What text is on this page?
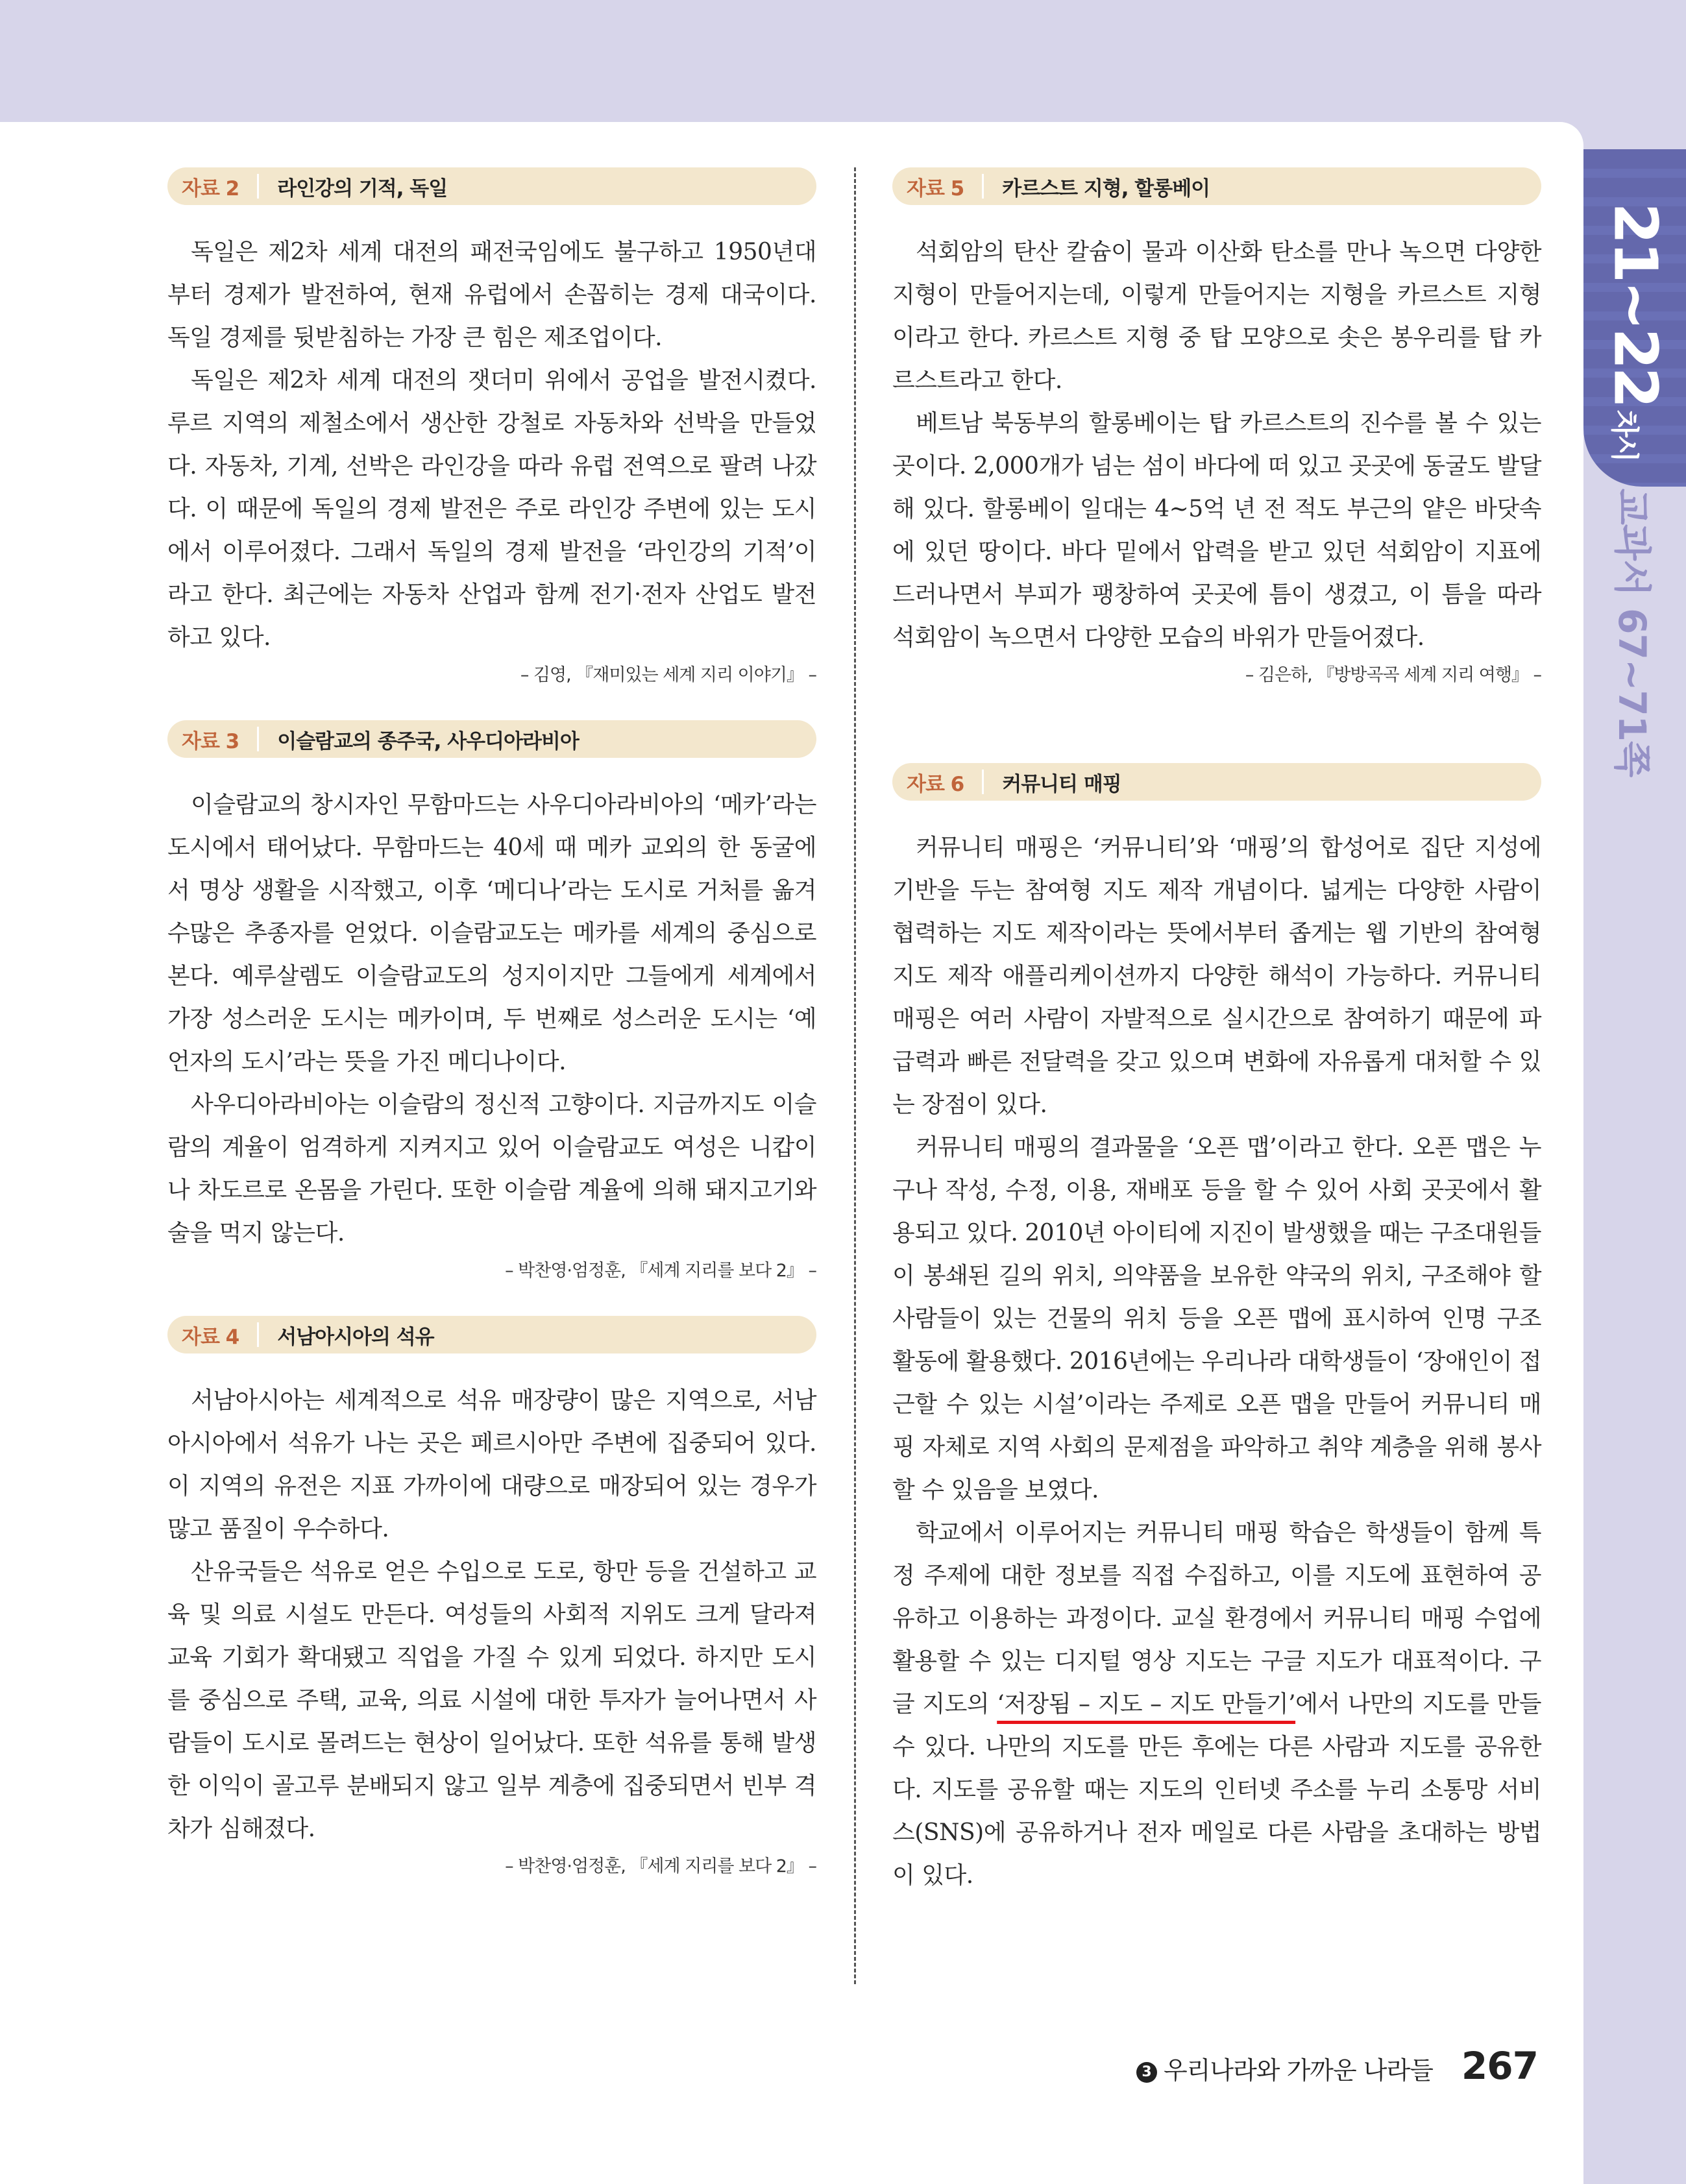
21~22차시
교과서 67~71쪽
자료 2 라인강의 기적, 독일

독일은 제2차 세계 대전의 패전국임에도 불구하고 1950년대부터 경제가 발전하여, 현재 유럽에서 손꼽히는 경제 대국이다. 독일 경제를 뒷받침하는 가장 큰 힘은 제조업이다.

독일은 제2차 세계 대전의 잿더미 위에서 공업을 발전시켰다. 루르 지역의 제철소에서 생산한 강철로 자동차와 선박을 만들었다. 자동차, 기계, 선박은 라인강을 따라 유럽 전역으로 팔려 나갔다. 이 때문에 독일의 경제 발전은 주로 라인강 주변에 있는 도시에서 이루어졌다. 그래서 독일의 경제 발전을 ‘라인강의 기적’이라고 한다. 최근에는 자동차 산업과 함께 전기·전자 산업도 발전하고 있다.

– 김영, 『재미있는 세계 지리 이야기』 –
자료 3 이슬람교의 종주국, 사우디아라비아

이슬람교의 창시자인 무함마드는 사우디아라비아의 ‘메카’라는 도시에서 태어났다. 무함마드는 40세 때 메카 교외의 한 동굴에서 명상 생활을 시작했고, 이후 ‘메디나’라는 도시로 거처를 옮겨 수많은 추종자를 얻었다. 이슬람교도는 메카를 세계의 중심으로 본다. 예루살렘도 이슬람교도의 성지이지만 그들에게 세계에서 가장 성스러운 도시는 메카이며, 두 번째로 성스러운 도시는 ‘예언자의 도시’라는 뜻을 가진 메디나이다.

사우디아라비아는 이슬람의 정신적 고향이다. 지금까지도 이슬람의 계율이 엄격하게 지켜지고 있어 이슬람교도 여성은 니캅이나 차도르로 온몸을 가린다. 또한 이슬람 계율에 의해 돼지고기와 술을 먹지 않는다.

– 박찬영·엄정훈, 『세계 지리를 보다 2』 –
자료 4 서남아시아의 석유

서남아시아는 세계적으로 석유 매장량이 많은 지역으로, 서남아시아에서 석유가 나는 곳은 페르시아만 주변에 집중되어 있다. 이 지역의 유전은 지표 가까이에 대량으로 매장되어 있는 경우가 많고 품질이 우수하다.

산유국들은 석유로 얻은 수입으로 도로, 항만 등을 건설하고 교육 및 의료 시설도 만든다. 여성들의 사회적 지위도 크게 달라져 교육 기회가 확대됐고 직업을 가질 수 있게 되었다. 하지만 도시를 중심으로 주택, 교육, 의료 시설에 대한 투자가 늘어나면서 사람들이 도시로 몰려드는 현상이 일어났다. 또한 석유를 통해 발생한 이익이 골고루 분배되지 않고 일부 계층에 집중되면서 빈부 격차가 심해졌다.

– 박찬영·엄정훈, 『세계 지리를 보다 2』 –
자료 5 카르스트 지형, 할롱베이

석회암의 탄산 칼슘이 물과 이산화 탄소를 만나 녹으면 다양한 지형이 만들어지는데, 이렇게 만들어지는 지형을 카르스트 지형이라고 한다. 카르스트 지형 중 탑 모양으로 솟은 봉우리를 탑 카르스트라고 한다.

베트남 북동부의 할롱베이는 탑 카르스트의 진수를 볼 수 있는 곳이다. 2,000개가 넘는 섬이 바다에 떠 있고 곳곳에 동굴도 발달해 있다. 할롱베이 일대는 4~5억 년 전 적도 부근의 얕은 바닷속에 있던 땅이다. 바다 밑에서 압력을 받고 있던 석회암이 지표에 드러나면서 부피가 팽창하여 곳곳에 틈이 생겼고, 이 틈을 따라 석회암이 녹으면서 다양한 모습의 바위가 만들어졌다.

– 김은하, 『방방곡곡 세계 지리 여행』 –
자료 6 커뮤니티 매핑

커뮤니티 매핑은 ‘커뮤니티’와 ‘매핑’의 합성어로 집단 지성에 기반을 두는 참여형 지도 제작 개념이다. 넓게는 다양한 사람이 협력하는 지도 제작이라는 뜻에서부터 좁게는 웹 기반의 참여형 지도 제작 애플리케이션까지 다양한 해석이 가능하다. 커뮤니티 매핑은 여러 사람이 자발적으로 실시간으로 참여하기 때문에 파급력과 빠른 전달력을 갖고 있으며 변화에 자유롭게 대처할 수 있는 장점이 있다.

커뮤니티 매핑의 결과물을 ‘오픈 맵’이라고 한다. 오픈 맵은 누구나 작성, 수정, 이용, 재배포 등을 할 수 있어 사회 곳곳에서 활용되고 있다. 2010년 아이티에 지진이 발생했을 때는 구조대원들이 봉쇄된 길의 위치, 의약품을 보유한 약국의 위치, 구조해야 할 사람들이 있는 건물의 위치 등을 오픈 맵에 표시하여 인명 구조 활동에 활용했다. 2016년에는 우리나라 대학생들이 ‘장애인이 접근할 수 있는 시설’이라는 주제로 오픈 맵을 만들어 커뮤니티 매핑 자체로 지역 사회의 문제점을 파악하고 취약 계층을 위해 봉사할 수 있음을 보였다.

학교에서 이루어지는 커뮤니티 매핑 학습은 학생들이 함께 특정 주제에 대한 정보를 직접 수집하고, 이를 지도에 표현하여 공유하고 이용하는 과정이다. 교실 환경에서 커뮤니티 매핑 수업에 활용할 수 있는 디지털 영상 지도는 구글 지도가 대표적이다. 구글 지도의 ‘저장됨 – 지도 – 지도 만들기’에서 나만의 지도를 만들 수 있다. 나만의 지도를 만든 후에는 다른 사람과 지도를 공유한다. 지도를 공유할 때는 지도의 인터넷 주소를 누리 소통망 서비스(SNS)에 공유하거나 전자 메일로 다른 사람을 초대하는 방법이 있다.

3 우리나라와 가까운 나라들 267
